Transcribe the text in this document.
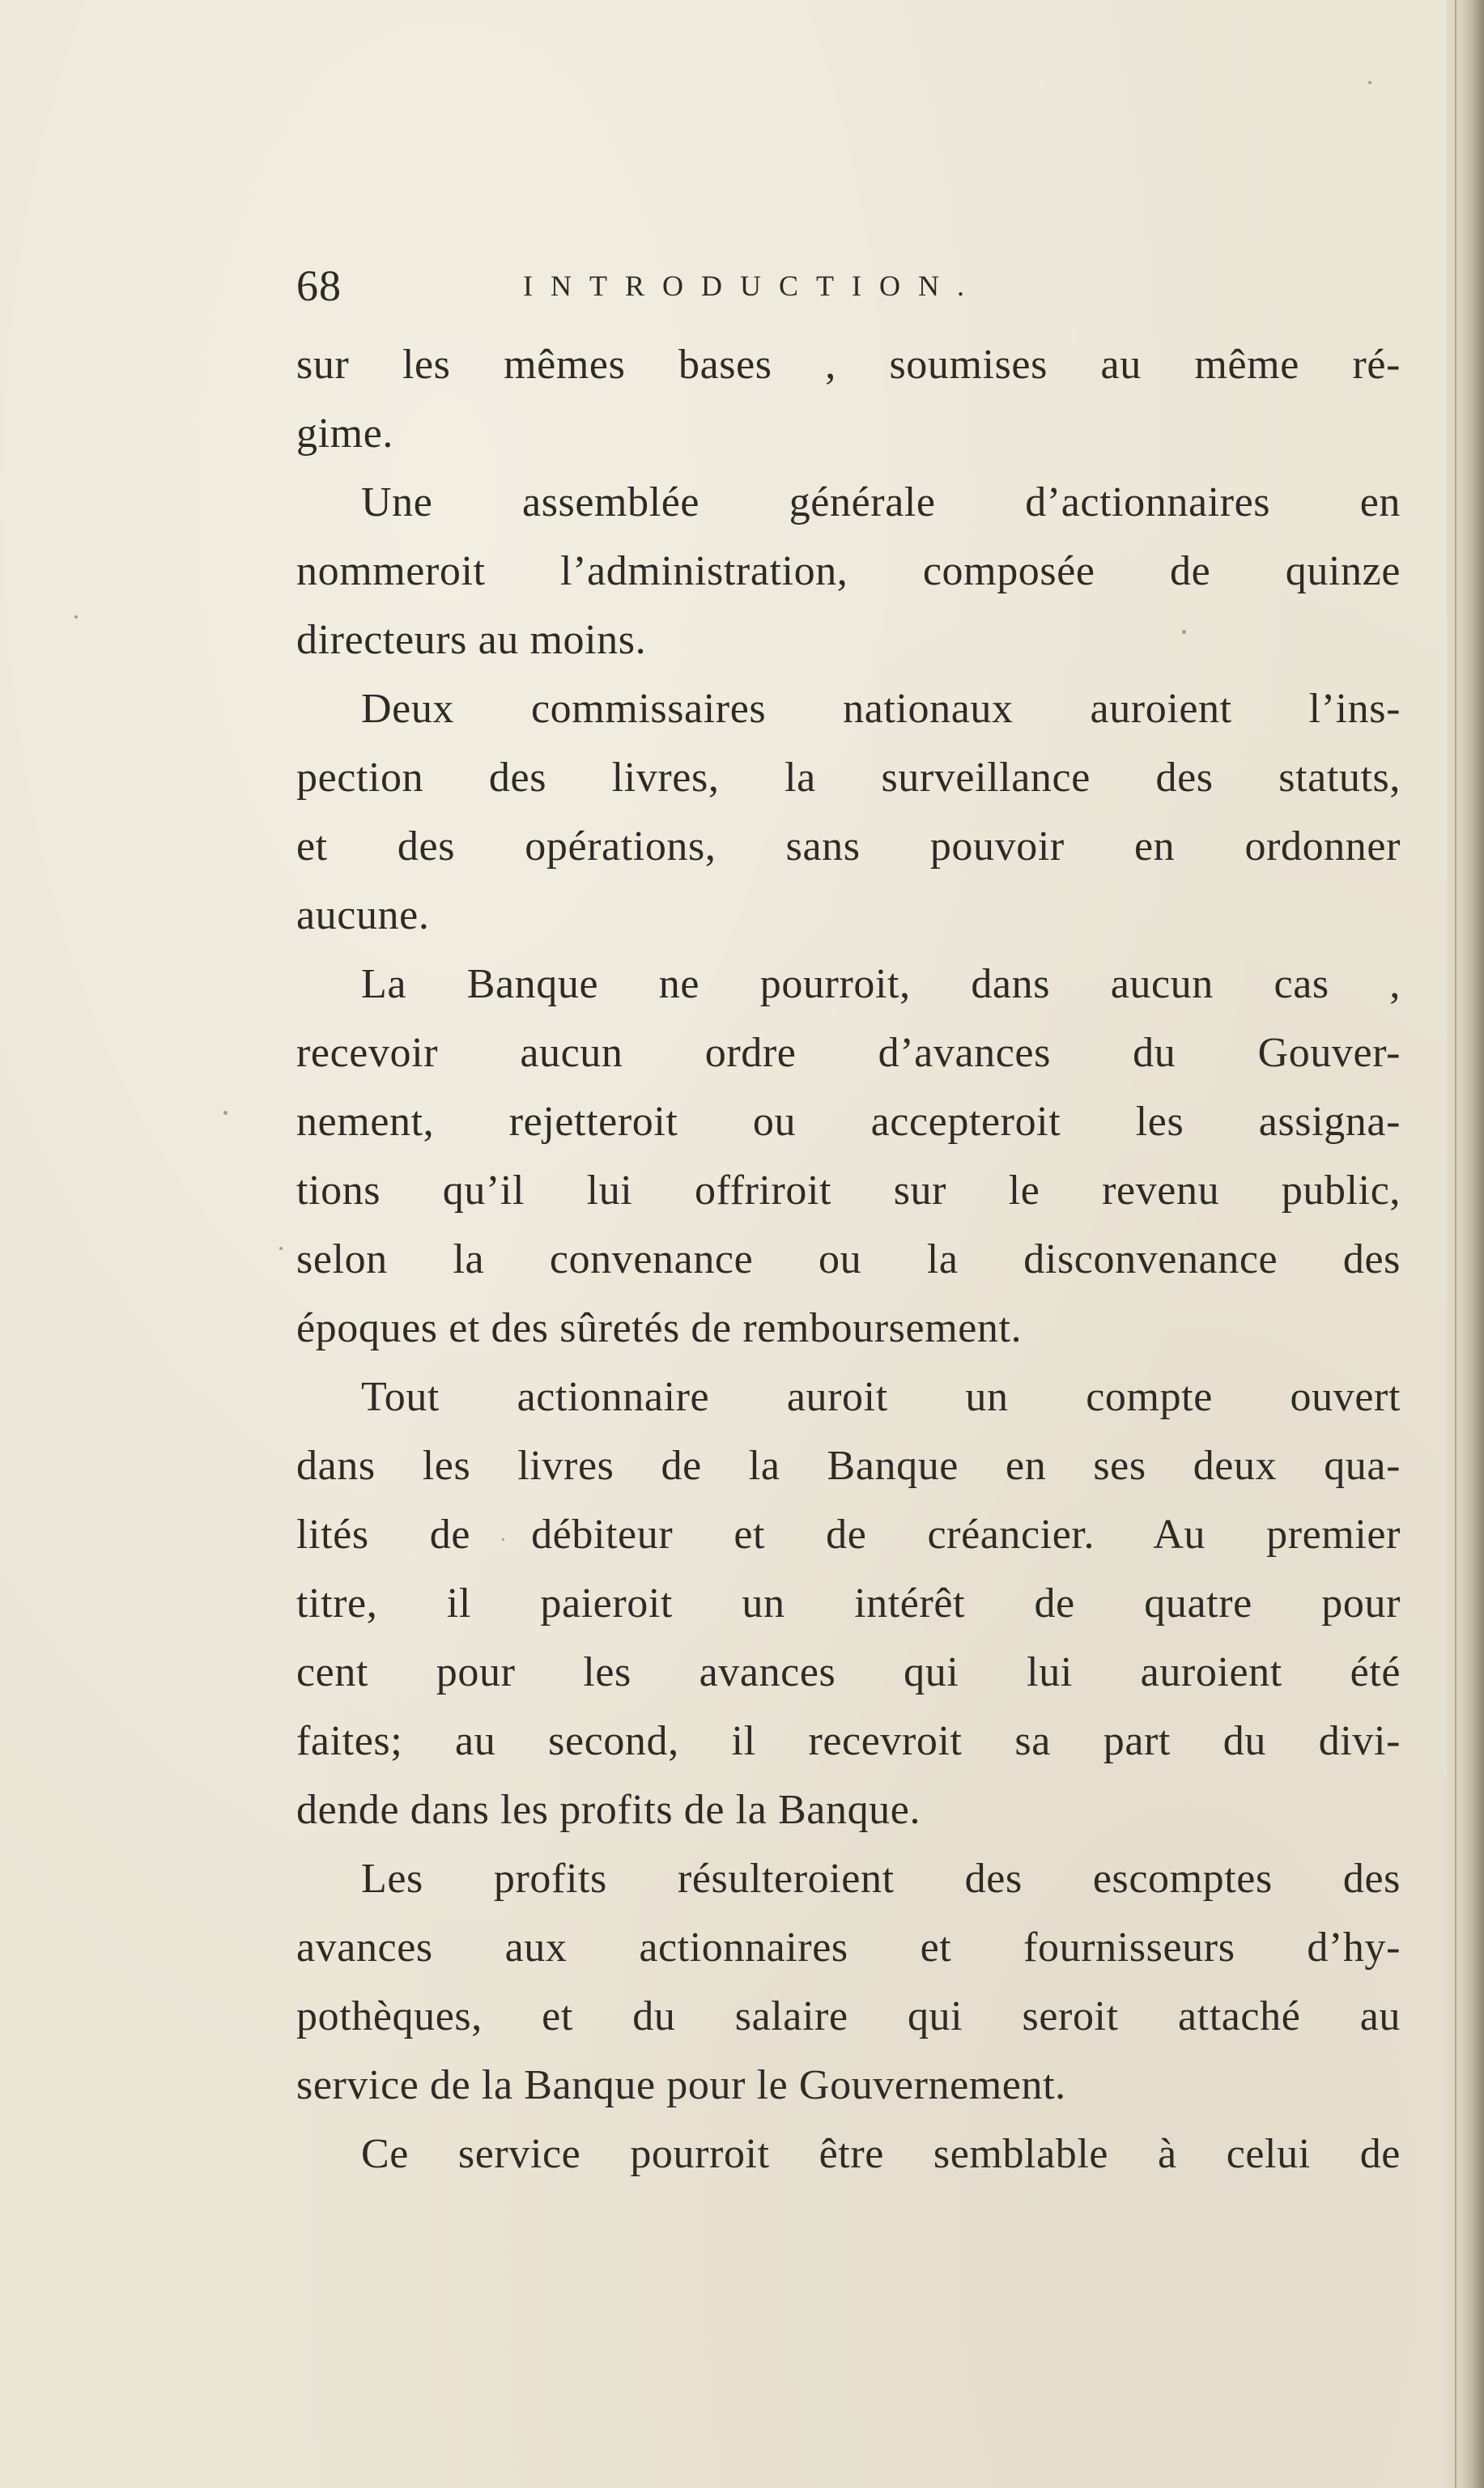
68	INTRODUCTION.
sur les mêmes bases , soumises au même ré-
gime.
Une assemblée générale d’actionnaires en
nommeroit l’administration, composée de quinze
directeurs au moins.
Deux commissaires nationaux auroient l’ins-
pection des livres, la surveillance des statuts,
et des opérations, sans pouvoir en ordonner
aucune.
La Banque ne pourroit, dans aucun cas ,
recevoir aucun ordre d’avances du Gouver-
nement, rejetteroit ou accepteroit les assigna-
tions qu’il lui offriroit sur le revenu public,
selon la convenance ou la disconvenance des
époques et des sûretés de remboursement.
Tout actionnaire auroit un compte ouvert
dans les livres de la Banque en ses deux qua-
lités de débiteur et de créancier. Au premier
titre, il paieroit un intérêt de quatre pour
cent pour les avances qui lui auroient été
faites; au second, il recevroit sa part du divi-
dende dans les profits de la Banque.
Les profits résulteroient des escomptes des
avances aux actionnaires et fournisseurs d’hy-
pothèques, et du salaire qui seroit attaché au
service de la Banque pour le Gouvernement.
Ce service pourroit être semblable à celui de
